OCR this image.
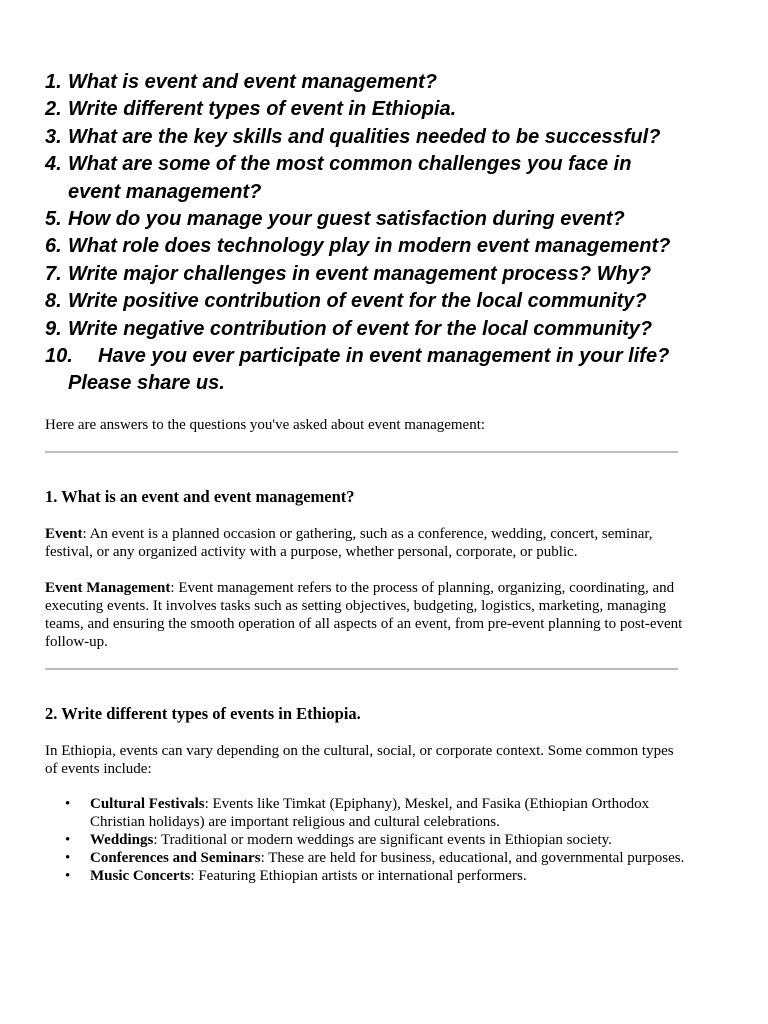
1. What is event and event management?
2. Write different types of event in Ethiopia.
3. What are the key skills and qualities needed to be successful?
4. What are some of the most common challenges you face in
event management?
5. How do you manage your guest satisfaction during event?
6. What role does technology play in modern event management?
7. Write major challenges in event management process? Why?
8. Write positive contribution of event for the local community?
9. Write negative contribution of event for the local community?
10. Have you ever participate in event management in your life?
Please share us.

Here are answers to the questions you've asked about event management:

1. What is an event and event management?

Event: An event is a planned occasion or gathering, such as a conference, wedding, concert, seminar, festival, or any organized activity with a purpose, whether personal, corporate, or public.

Event Management: Event management refers to the process of planning, organizing, coordinating, and executing events. It involves tasks such as setting objectives, budgeting, logistics, marketing, managing teams, and ensuring the smooth operation of all aspects of an event, from pre-event planning to post-event follow-up.

2. Write different types of events in Ethiopia.

In Ethiopia, events can vary depending on the cultural, social, or corporate context. Some common types of events include:

• Cultural Festivals: Events like Timkat (Epiphany), Meskel, and Fasika (Ethiopian Orthodox Christian holidays) are important religious and cultural celebrations.
• Weddings: Traditional or modern weddings are significant events in Ethiopian society.
• Conferences and Seminars: These are held for business, educational, and governmental purposes.
• Music Concerts: Featuring Ethiopian artists or international performers.
